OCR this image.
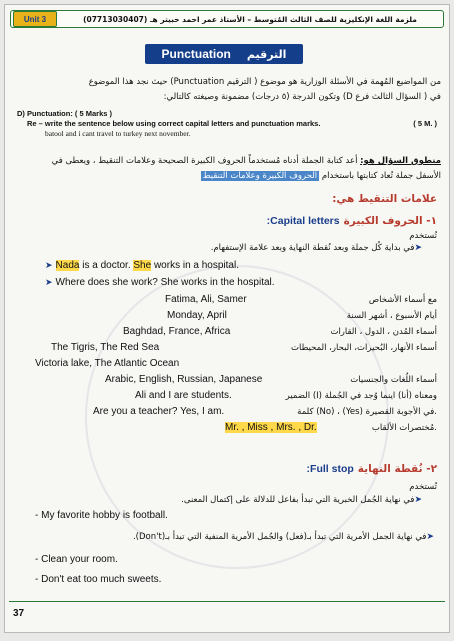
Unit 3	ملزمة اللغة الإنكليزية للصف الثالث المُتوسط – الأستاذ عمر احمد حبيتر هـ (07713030407)
Punctuation الترقيم
من المواضيع المُهمة في الأسئلة الوزارية هو موضوع ( الترقيم Punctuation) حيث نجد هذا الموضوع
في ( السؤال الثالث فرع D) وتكون الدرجة (٥ درجات) مضمونة وصيغته كالتالي:
D) Punctuation: ( 5 Marks )
Re – write the sentence below using correct capital letters and punctuation marks.	( 5 M. )
batool and i cant travel to turkey next november.
منطوق السؤال هو: أعد كتابة الجملة أدناه مُستخدماً الحروف الكبيرة الصحيحة وعلامات التنقيط ، ويعطى في
الأسفل جملة تُعاد كتابتها باستخدام الحروف الكبيرة وعلامات التنقيط
علامات التنقيط هي:
:Capital letters ١- الحروف الكبيرة
تُستخدم
➤في بداية كُل جملة وبعد نُقطة النهاية وبعد علامة الإستفهام.
➤ Nada is a doctor. She works in a hospital.
➤ Where does she work? She works in the hospital.
Fatima, Ali, Samer	مع أسماء الأشخاص
Monday, April	أيام الأسبوع ، أشهر السنة
Baghdad, France, Africa	أسماء المُدن ، الدول ، القارات
The Tigris, The Red Sea	أسماء الأنهار، البُحيرات، البحار، المحيطات
Victoria lake, The Atlantic Ocean
Arabic, English, Russian, Japanese	أسماء اللُغات والجنسيات
Ali and I are students.	الضمير (I) ومعناه (أنا) اينما وُجد في الجُملة
Are you a teacher? Yes, I am.	كلمة (No) ، (Yes) في الأجوبة القصيرة.
Mr. , Miss , Mrs. , Dr.	مُختصرات الألقاب.
:Full stop ٢- نُقطة النهاية
تُستخدم
➤في نهاية الجُمل الخبرية التي تبدأ بفاعل للدلالة على إكتمال المعنى.
- My favorite hobby is football.
➤في نهاية الجمل الأمرية التي تبدأ بـ(فعل) والجُمل الأمرية المنفية التي تبدأ بـ(Don't).
- Clean your room.
- Don't eat too much sweets.
37
